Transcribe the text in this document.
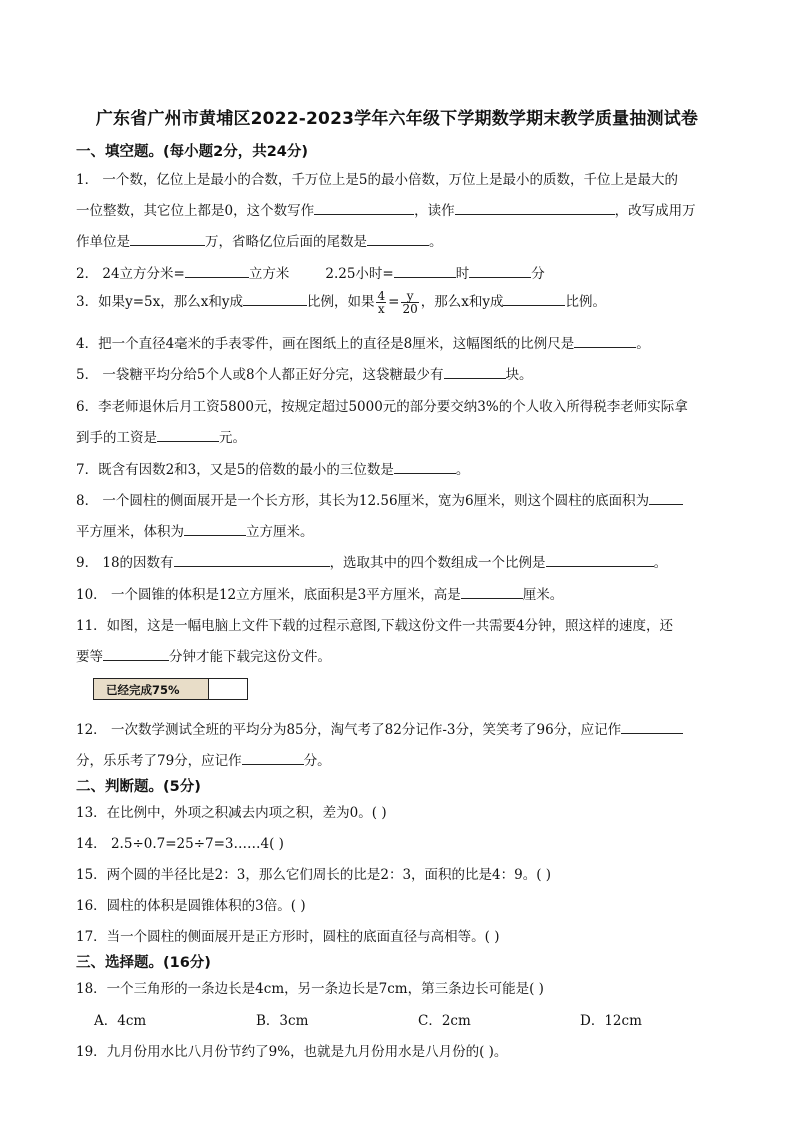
广东省广州市黄埔区2022-2023学年六年级下学期数学期末教学质量抽测试卷
一、填空题。(每小题2分，共24分)
1． 一个数，亿位上是最小的合数，千万位上是5的最小倍数，万位上是最小的质数，千位上是最大的
一位整数，其它位上都是0，这个数写作	，读作	，改写成用万
作单位是	万，省略亿位后面的尾数是	。
2． 24立方分米=	立方米	2.25小时=	时	分
3．如果y=5x，那么x和y成	比例，如果 $\frac{4}{x} = \frac{y}{20}$ ，那么x和y成	比例。
4．把一个直径4毫米的手表零件，画在图纸上的直径是8厘米，这幅图纸的比例尺是	。
5． 一袋糖平均分给5个人或8个人都正好分完，这袋糖最少有	块。
6．李老师退休后月工资5800元，按规定超过5000元的部分要交纳3%的个人收入所得税李老师实际拿
到手的工资是	元。
7．既含有因数2和3，又是5的倍数的最小的三位数是	。
8． 一个圆柱的侧面展开是一个长方形，其长为12.56厘米，宽为6厘米，则这个圆柱的底面积为
平方厘米，体积为	立方厘米。
9． 18的因数有	，选取其中的四个数组成一个比例是	。
10． 一个圆锥的体积是12立方厘米，底面积是3平方厘米，高是	厘米。
11．如图，这是一幅电脑上文件下载的过程示意图,下载这份文件一共需要4分钟，照这样的速度，还
要等	分钟才能下载完这份文件。
已经完成75%
12． 一次数学测试全班的平均分为85分，淘气考了82分记作-3分，笑笑考了96分，应记作
分，乐乐考了79分，应记作	分。
二、判断题。(5分)
13．在比例中，外项之积减去内项之积，差为0。( )
14． 2.5÷0.7=25÷7=3……4( )
15．两个圆的半径比是2：3，那么它们周长的比是2：3，面积的比是4：9。( )
16．圆柱的体积是圆锥体积的3倍。( )
17．当一个圆柱的侧面展开是正方形时，圆柱的底面直径与高相等。( )
三、选择题。(16分)
18．一个三角形的一条边长是4cm，另一条边长是7cm，第三条边长可能是( )
A．4cm	B．3cm	C．2cm	D．12cm
19．九月份用水比八月份节约了9%，也就是九月份用水是八月份的( )。
